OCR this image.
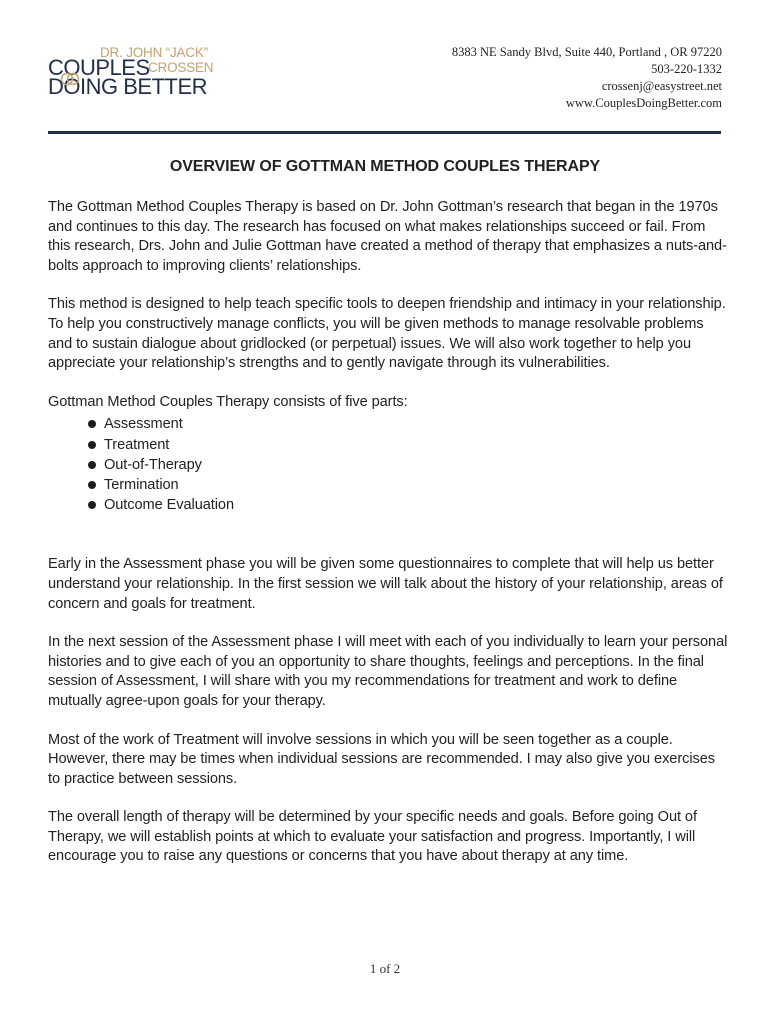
DR. JOHN “JACK”
COUPLES
CROSSEN
DOING BETTER
8383 NE Sandy Blvd, Suite 440, Portland , OR 97220
503-220-1332
crossenj@easystreet.net
www.CouplesDoingBetter.com
OVERVIEW OF GOTTMAN METHOD COUPLES THERAPY

The Gottman Method Couples Therapy is based on Dr. John Gottman’s research that began in the 1970s and continues to this day. The research has focused on what makes relationships succeed or fail. From this research, Drs. John and Julie Gottman have created a method of therapy that emphasizes a nuts-and-bolts approach to improving clients’ relationships.

This method is designed to help teach specific tools to deepen friendship and intimacy in your relationship. To help you constructively manage conflicts, you will be given methods to manage resolvable problems and to sustain dialogue about gridlocked (or perpetual) issues. We will also work together to help you appreciate your relationship’s strengths and to gently navigate through its vulnerabilities.

Gottman Method Couples Therapy consists of five parts:

Assessment
Treatment
Out-of-Therapy
Termination
Outcome Evaluation

Early in the Assessment phase you will be given some questionnaires to complete that will help us better understand your relationship. In the first session we will talk about the history of your relationship, areas of concern and goals for treatment.

In the next session of the Assessment phase I will meet with each of you individually to learn your personal histories and to give each of you an opportunity to share thoughts, feelings and perceptions. In the final session of Assessment, I will share with you my recommendations for treatment and work to define mutually agree-upon goals for your therapy.

Most of the work of Treatment will involve sessions in which you will be seen together as a couple. However, there may be times when individual sessions are recommended. I may also give you exercises to practice between sessions.

The overall length of therapy will be determined by your specific needs and goals. Before going Out of Therapy, we will establish points at which to evaluate your satisfaction and progress. Importantly, I will encourage you to raise any questions or concerns that you have about therapy at any time.

1 of 2
